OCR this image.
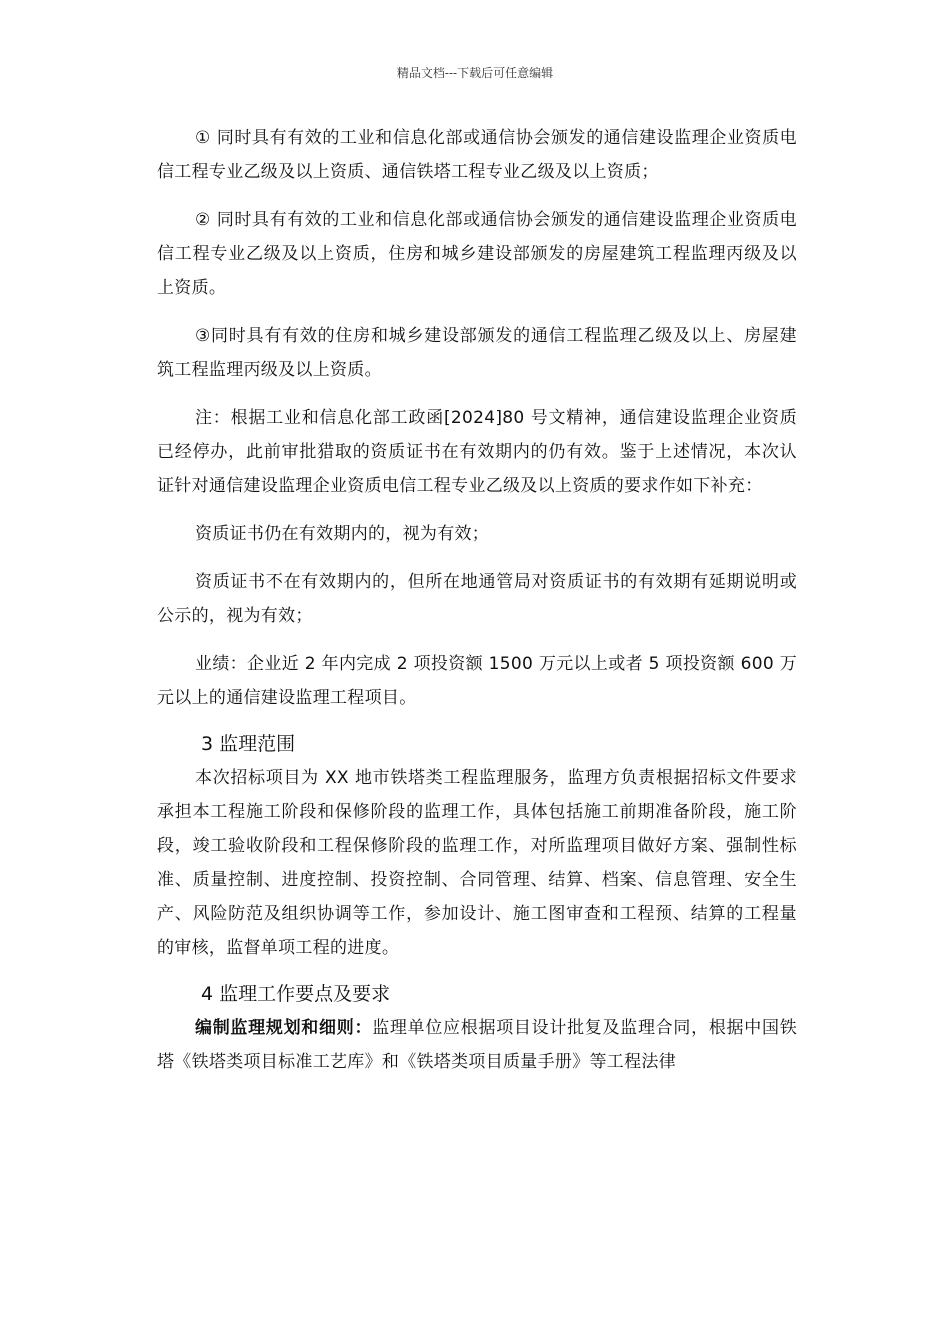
精品文档---下载后可任意编辑

① 同时具有有效的工业和信息化部或通信协会颁发的通信建设监理企业资质电信工程专业乙级及以上资质、通信铁塔工程专业乙级及以上资质；

② 同时具有有效的工业和信息化部或通信协会颁发的通信建设监理企业资质电信工程专业乙级及以上资质，住房和城乡建设部颁发的房屋建筑工程监理丙级及以上资质。

③同时具有有效的住房和城乡建设部颁发的通信工程监理乙级及以上、房屋建筑工程监理丙级及以上资质。

注：根据工业和信息化部工政函[2024]80 号文精神，通信建设监理企业资质已经停办，此前审批猎取的资质证书在有效期内的仍有效。鉴于上述情况，本次认证针对通信建设监理企业资质电信工程专业乙级及以上资质的要求作如下补充：

资质证书仍在有效期内的，视为有效；

资质证书不在有效期内的，但所在地通管局对资质证书的有效期有延期说明或公示的，视为有效；

业绩：企业近 2 年内完成 2 项投资额 1500 万元以上或者 5 项投资额 600 万元以上的通信建设监理工程项目。

3 监理范围

本次招标项目为 XX 地市铁塔类工程监理服务，监理方负责根据招标文件要求承担本工程施工阶段和保修阶段的监理工作，具体包括施工前期准备阶段，施工阶段，竣工验收阶段和工程保修阶段的监理工作，对所监理项目做好方案、强制性标准、质量控制、进度控制、投资控制、合同管理、结算、档案、信息管理、安全生产、风险防范及组织协调等工作，参加设计、施工图审查和工程预、结算的工程量的审核，监督单项工程的进度。

4 监理工作要点及要求

编制监理规划和细则：监理单位应根据项目设计批复及监理合同，根据中国铁塔《铁塔类项目标准工艺库》和《铁塔类项目质量手册》等工程法律
